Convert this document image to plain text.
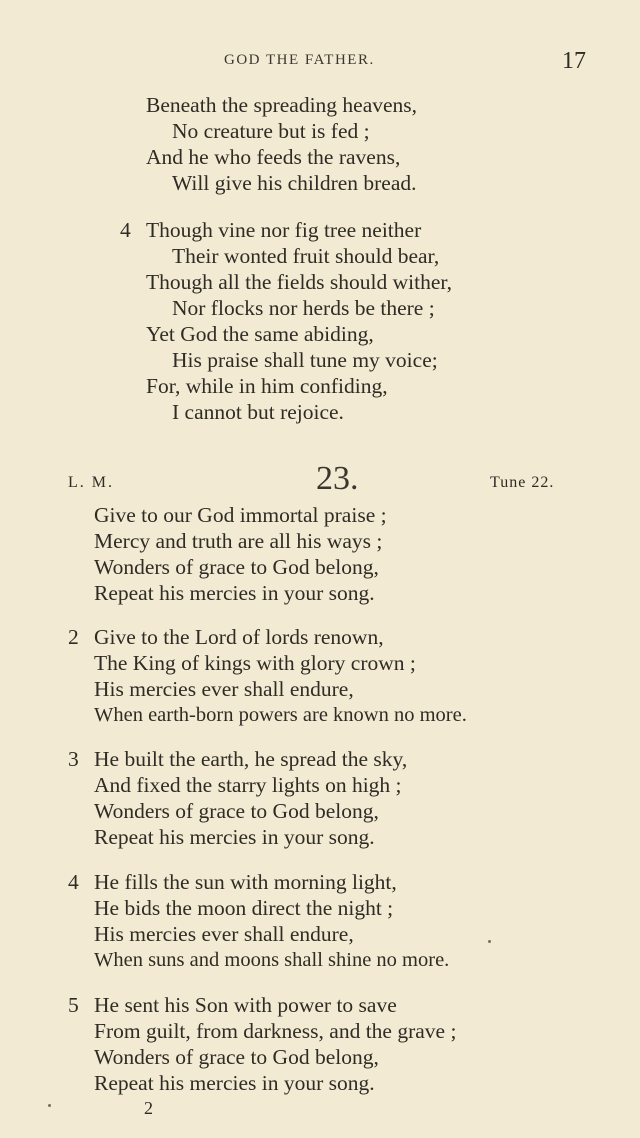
GOD THE FATHER.	17
Beneath the spreading heavens,
No creature but is fed ;
And he who feeds the ravens,
Will give his children bread.
4 Though vine nor fig tree neither
Their wonted fruit should bear,
Though all the fields should wither,
Nor flocks nor herds be there ;
Yet God the same abiding,
His praise shall tune my voice;
For, while in him confiding,
I cannot but rejoice.
L. M.	23.	Tune 22.
Give to our God immortal praise ;
Mercy and truth are all his ways ;
Wonders of grace to God belong,
Repeat his mercies in your song.
2 Give to the Lord of lords renown,
The King of kings with glory crown ;
His mercies ever shall endure,
When earth-born powers are known no more.
3 He built the earth, he spread the sky,
And fixed the starry lights on high ;
Wonders of grace to God belong,
Repeat his mercies in your song.
4 He fills the sun with morning light,
He bids the moon direct the night ;
His mercies ever shall endure,
When suns and moons shall shine no more.
5 He sent his Son with power to save
From guilt, from darkness, and the grave ;
Wonders of grace to God belong,
Repeat his mercies in your song.
2
